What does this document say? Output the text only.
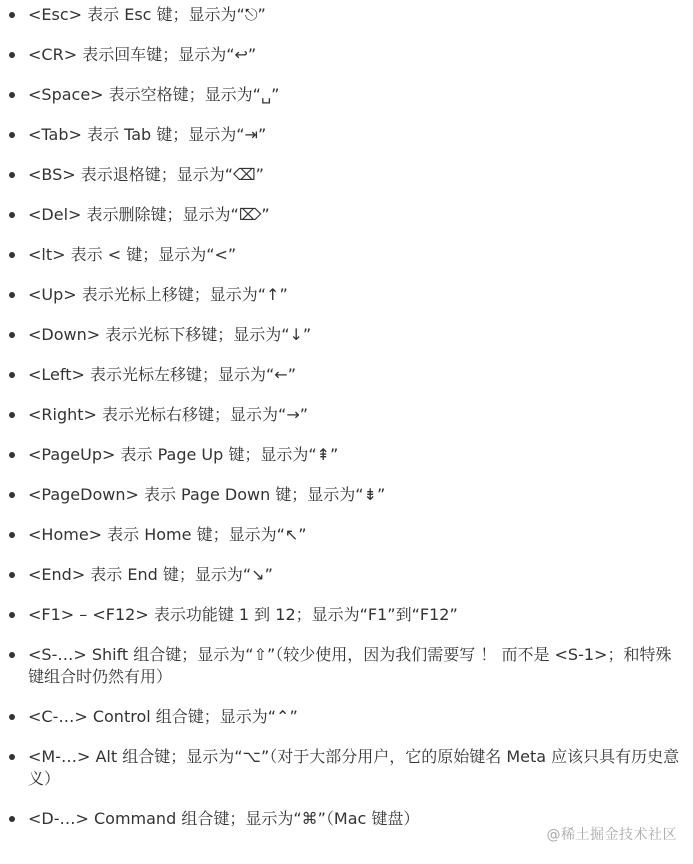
<Esc> 表示 Esc 键；显示为“⎋”
<CR> 表示回车键；显示为“↩”
<Space> 表示空格键；显示为“␣”
<Tab> 表示 Tab 键；显示为“⇥”
<BS> 表示退格键；显示为“⌫”
<Del> 表示删除键；显示为“⌦”
<lt> 表示 < 键；显示为“<”
<Up> 表示光标上移键；显示为“↑”
<Down> 表示光标下移键；显示为“↓”
<Left> 表示光标左移键；显示为“←”
<Right> 表示光标右移键；显示为“→”
<PageUp> 表示 Page Up 键；显示为“⇞”
<PageDown> 表示 Page Down 键；显示为“⇟”
<Home> 表示 Home 键；显示为“↖”
<End> 表示 End 键；显示为“↘”
<F1> – <F12> 表示功能键 1 到 12；显示为“F1”到“F12”
<S-…> Shift 组合键；显示为“⇧”（较少使用，因为我们需要写 ！ 而不是 <S-1>；和特殊键组合时仍然有用）
<C-…> Control 组合键；显示为“⌃”
<M-…> Alt 组合键；显示为“⌥”（对于大部分用户，它的原始键名 Meta 应该只具有历史意义）
<D-…> Command 组合键；显示为“⌘”（Mac 键盘）
@稀土掘金技术社区
